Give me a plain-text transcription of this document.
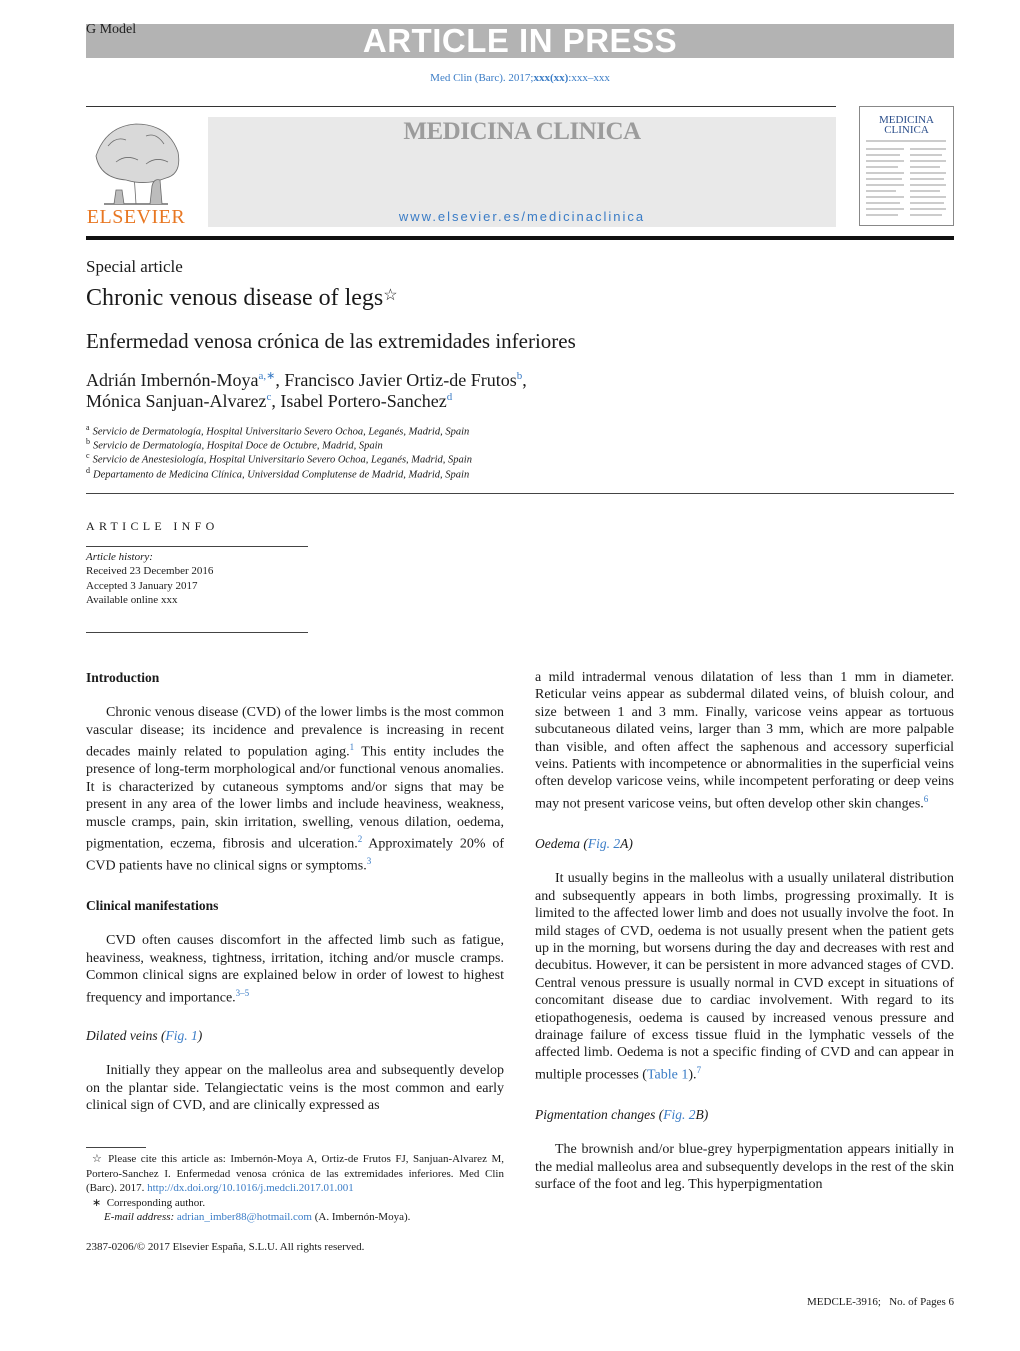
ARTICLE IN PRESS
G Model
Med Clin (Barc). 2017;xxx(xx):xxx–xxx
ELSEVIER
MEDICINA CLINICA
www.elsevier.es/medicinaclinica
MEDICINA CLINICA
Special article
Chronic venous disease of legs☆
Enfermedad venosa crónica de las extremidades inferiores
Adrián Imbernón-Moya$^{a,∗}$, Francisco Javier Ortiz-de Frutos$^b$,
Mónica Sanjuan-Alvarez$^c$, Isabel Portero-Sanchez$^d$
$^a$ Servicio de Dermatología, Hospital Universitario Severo Ochoa, Leganés, Madrid, Spain
$^b$ Servicio de Dermatología, Hospital Doce de Octubre, Madrid, Spain
$^c$ Servicio de Anestesiología, Hospital Universitario Severo Ochoa, Leganés, Madrid, Spain
$^d$ Departamento de Medicina Clínica, Universidad Complutense de Madrid, Madrid, Spain
ARTICLE INFO
Article history:
Received 23 December 2016
Accepted 3 January 2017
Available online xxx
Introduction

Chronic venous disease (CVD) of the lower limbs is the most common vascular disease; its incidence and prevalence is increasing in recent decades mainly related to population aging.$^1$ This entity includes the presence of long-term morphological and/or functional venous anomalies. It is characterized by cutaneous symptoms and/or signs that may be present in any area of the lower limbs and include heaviness, weakness, muscle cramps, pain, skin irritation, swelling, venous dilation, oedema, pigmentation, eczema, fibrosis and ulceration.$^2$ Approximately 20% of CVD patients have no clinical signs or symptoms.$^3$

Clinical manifestations

CVD often causes discomfort in the affected limb such as fatigue, heaviness, weakness, tightness, irritation, itching and/or muscle cramps. Common clinical signs are explained below in order of lowest to highest frequency and importance.$^{3-5}$

Dilated veins (Fig. 1)

Initially they appear on the malleolus area and subsequently develop on the plantar side. Telangiectatic veins is the most common and early clinical sign of CVD, and are clinically expressed as

a mild intradermal venous dilatation of less than 1 mm in diameter. Reticular veins appear as subdermal dilated veins, of bluish colour, and size between 1 and 3 mm. Finally, varicose veins appear as tortuous subcutaneous dilated veins, larger than 3 mm, which are more palpable than visible, and often affect the saphenous and accessory superficial veins. Patients with incompetence or abnormalities in the superficial veins often develop varicose veins, while incompetent perforating or deep veins may not present varicose veins, but often develop other skin changes.$^6$

Oedema (Fig. 2A)

It usually begins in the malleolus with a usually unilateral distribution and subsequently appears in both limbs, progressing proximally. It is limited to the affected lower limb and does not usually involve the foot. In mild stages of CVD, oedema is not usually present when the patient gets up in the morning, but worsens during the day and decreases with rest and decubitus. However, it can be persistent in more advanced stages of CVD. Central venous pressure is usually normal in CVD except in situations of concomitant disease due to cardiac involvement. With regard to its etiopathogenesis, oedema is caused by increased venous pressure and drainage failure of excess tissue fluid in the lymphatic vessels of the affected limb. Oedema is not a specific finding of CVD and can appear in multiple processes (Table 1).$^7$

Pigmentation changes (Fig. 2B)

The brownish and/or blue-grey hyperpigmentation appears initially in the medial malleolus area and subsequently develops in the rest of the skin surface of the foot and leg. This hyperpigmentation

☆ Please cite this article as: Imbernón-Moya A, Ortiz-de Frutos FJ, Sanjuan-Alvarez M, Portero-Sanchez I. Enfermedad venosa crónica de las extremidades inferiores. Med Clin (Barc). 2017. http://dx.doi.org/10.1016/j.medcli.2017.01.001
∗ Corresponding author.
E-mail address: adrian_imber88@hotmail.com (A. Imbernón-Moya).
2387-0206/© 2017 Elsevier España, S.L.U. All rights reserved.
MEDCLE-3916; No. of Pages 6
